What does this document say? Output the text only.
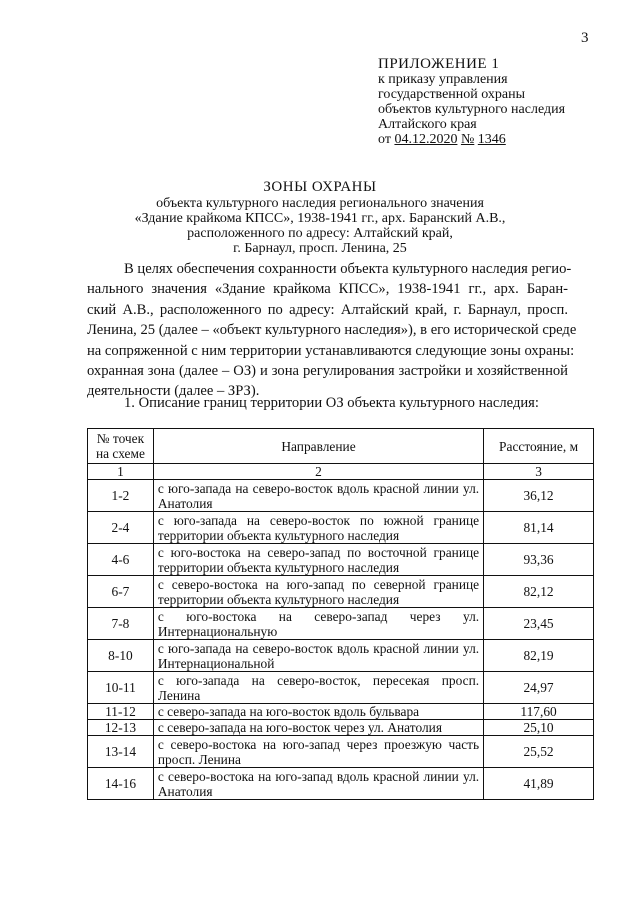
3
ПРИЛОЖЕНИЕ 1
к приказу управления
государственной охраны
объектов культурного наследия
Алтайского края
от 04.12.2020 № 1346
ЗОНЫ ОХРАНЫ
объекта культурного наследия регионального значения
«Здание крайкома КПСС», 1938-1941 гг., арх. Баранский А.В.,
расположенного по адресу: Алтайский край,
г. Барнаул, просп. Ленина, 25
В целях обеспечения сохранности объекта культурного наследия регио-
нального значения «Здание крайкома КПСС», 1938-1941 гг., арх. Баран-
ский А.В., расположенного по адресу: Алтайский край, г. Барнаул, просп.
Ленина, 25 (далее – «объект культурного наследия»), в его исторической среде
на сопряженной с ним территории устанавливаются следующие зоны охраны:
охранная зона (далее – ОЗ) и зона регулирования застройки и хозяйственной
деятельности (далее – ЗРЗ).
1. Описание границ территории ОЗ объекта культурного наследия:
№ точек
на схеме	Направление	Расстояние, м
1	2	3
1-2	с юго-запада на северо-восток вдоль красной линии ул. Анатолия	36,12
2-4	с юго-запада на северо-восток по южной границе территории объекта культурного наследия	81,14
4-6	с юго-востока на северо-запад по восточной границе территории объекта культурного наследия	93,36
6-7	с северо-востока на юго-запад по северной границе территории объекта культурного наследия	82,12
7-8	с юго-востока на северо-запад через ул. Интернациональную	23,45
8-10	с юго-запада на северо-восток вдоль красной линии ул. Интернациональной	82,19
10-11	с юго-запада на северо-восток, пересекая просп. Ленина	24,97
11-12	с северо-запада на юго-восток вдоль бульвара	117,60
12-13	с северо-запада на юго-восток через ул. Анатолия	25,10
13-14	с северо-востока на юго-запад через проезжую часть просп. Ленина	25,52
14-16	с северо-востока на юго-запад вдоль красной линии ул. Анатолия	41,89
